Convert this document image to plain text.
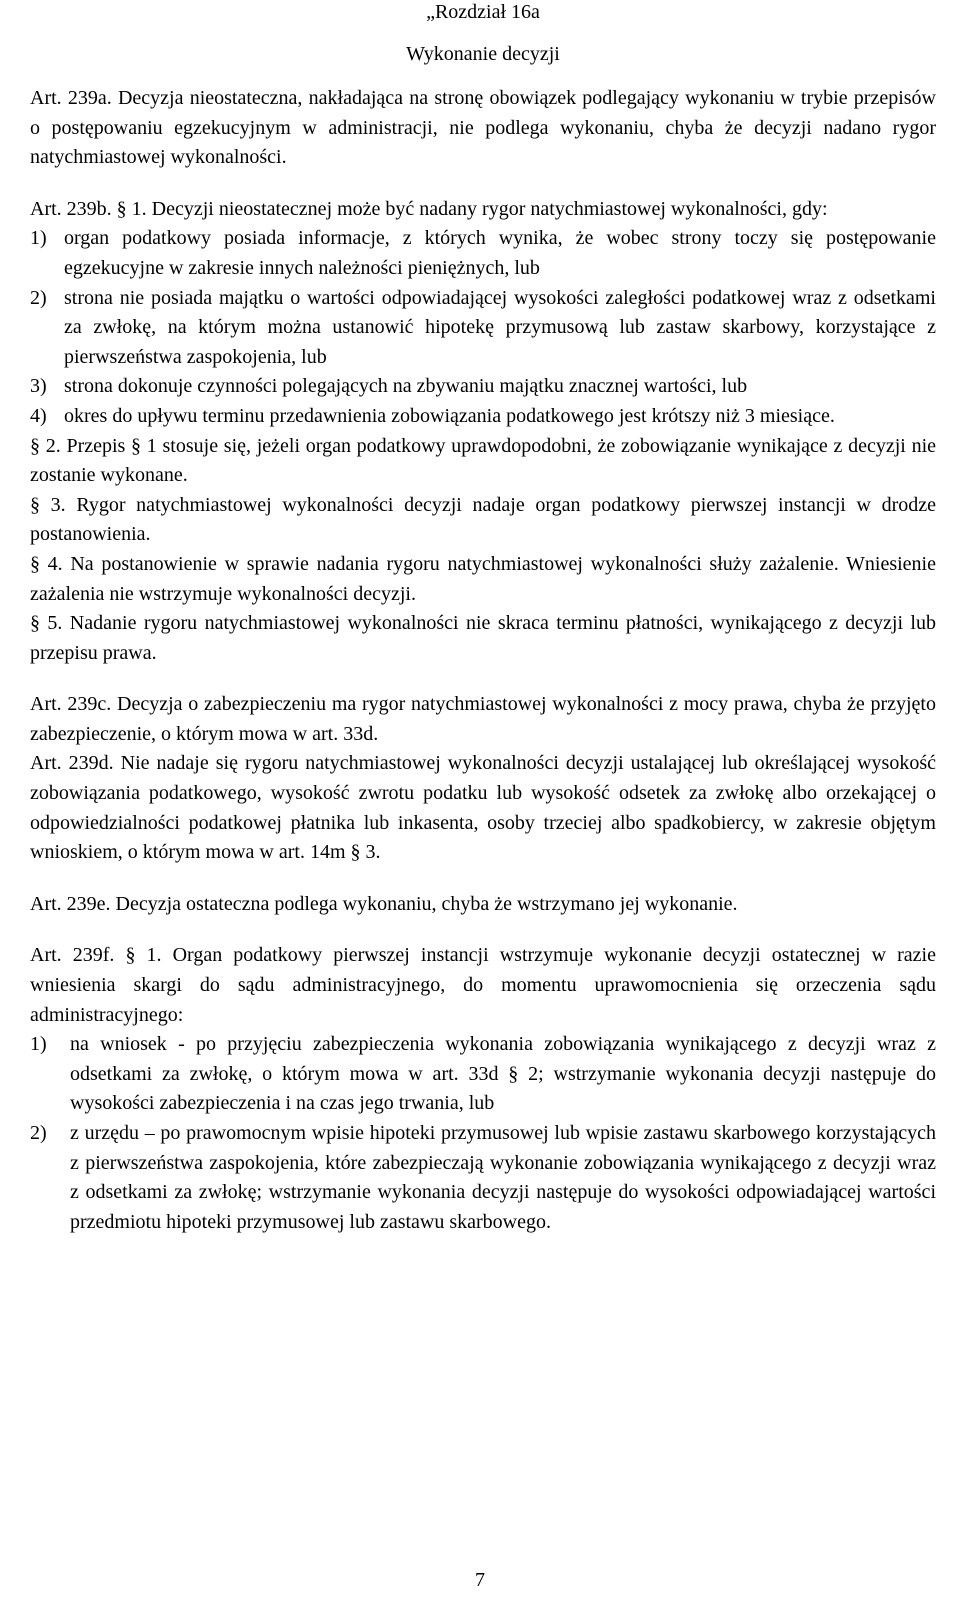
„Rozdział 16a
Wykonanie decyzji

Art. 239a. Decyzja nieostateczna, nakładająca na stronę obowiązek podlegający wykonaniu w trybie przepisów o postępowaniu egzekucyjnym w administracji, nie podlega wykonaniu, chyba że decyzji nadano rygor natychmiastowej wykonalności.

Art. 239b. § 1. Decyzji nieostatecznej może być nadany rygor natychmiastowej wykonalności, gdy:

1) organ podatkowy posiada informacje, z których wynika, że wobec strony toczy się postępowanie egzekucyjne w zakresie innych należności pieniężnych, lub
2) strona nie posiada majątku o wartości odpowiadającej wysokości zaległości podatkowej wraz z odsetkami za zwłokę, na którym można ustanowić hipotekę przymusową lub zastaw skarbowy, korzystające z pierwszeństwa zaspokojenia, lub
3) strona dokonuje czynności polegających na zbywaniu majątku znacznej wartości, lub
4) okres do upływu terminu przedawnienia zobowiązania podatkowego jest krótszy niż 3 miesiące.

§ 2. Przepis § 1 stosuje się, jeżeli organ podatkowy uprawdopodobni, że zobowiązanie wynikające z decyzji nie zostanie wykonane.

§ 3. Rygor natychmiastowej wykonalności decyzji nadaje organ podatkowy pierwszej instancji w drodze postanowienia.

§ 4. Na postanowienie w sprawie nadania rygoru natychmiastowej wykonalności służy zażalenie. Wniesienie zażalenia nie wstrzymuje wykonalności decyzji.

§ 5. Nadanie rygoru natychmiastowej wykonalności nie skraca terminu płatności, wynikającego z decyzji lub przepisu prawa.

Art. 239c. Decyzja o zabezpieczeniu ma rygor natychmiastowej wykonalności z mocy prawa, chyba że przyjęto zabezpieczenie, o którym mowa w art. 33d.

Art. 239d. Nie nadaje się rygoru natychmiastowej wykonalności decyzji ustalającej lub określającej wysokość zobowiązania podatkowego, wysokość zwrotu podatku lub wysokość odsetek za zwłokę albo orzekającej o odpowiedzialności podatkowej płatnika lub inkasenta, osoby trzeciej albo spadkobiercy, w zakresie objętym wnioskiem, o którym mowa w art. 14m § 3.

Art. 239e. Decyzja ostateczna podlega wykonaniu, chyba że wstrzymano jej wykonanie.

Art. 239f. § 1. Organ podatkowy pierwszej instancji wstrzymuje wykonanie decyzji ostatecznej w razie wniesienia skargi do sądu administracyjnego, do momentu uprawomocnienia się orzeczenia sądu administracyjnego:

1) na wniosek - po przyjęciu zabezpieczenia wykonania zobowiązania wynikającego z decyzji wraz z odsetkami za zwłokę, o którym mowa w art. 33d § 2; wstrzymanie wykonania decyzji następuje do wysokości zabezpieczenia i na czas jego trwania, lub
2) z urzędu – po prawomocnym wpisie hipoteki przymusowej lub wpisie zastawu skarbowego korzystających z pierwszeństwa zaspokojenia, które zabezpieczają wykonanie zobowiązania wynikającego z decyzji wraz z odsetkami za zwłokę; wstrzymanie wykonania decyzji następuje do wysokości odpowiadającej wartości przedmiotu hipoteki przymusowej lub zastawu skarbowego.
7
